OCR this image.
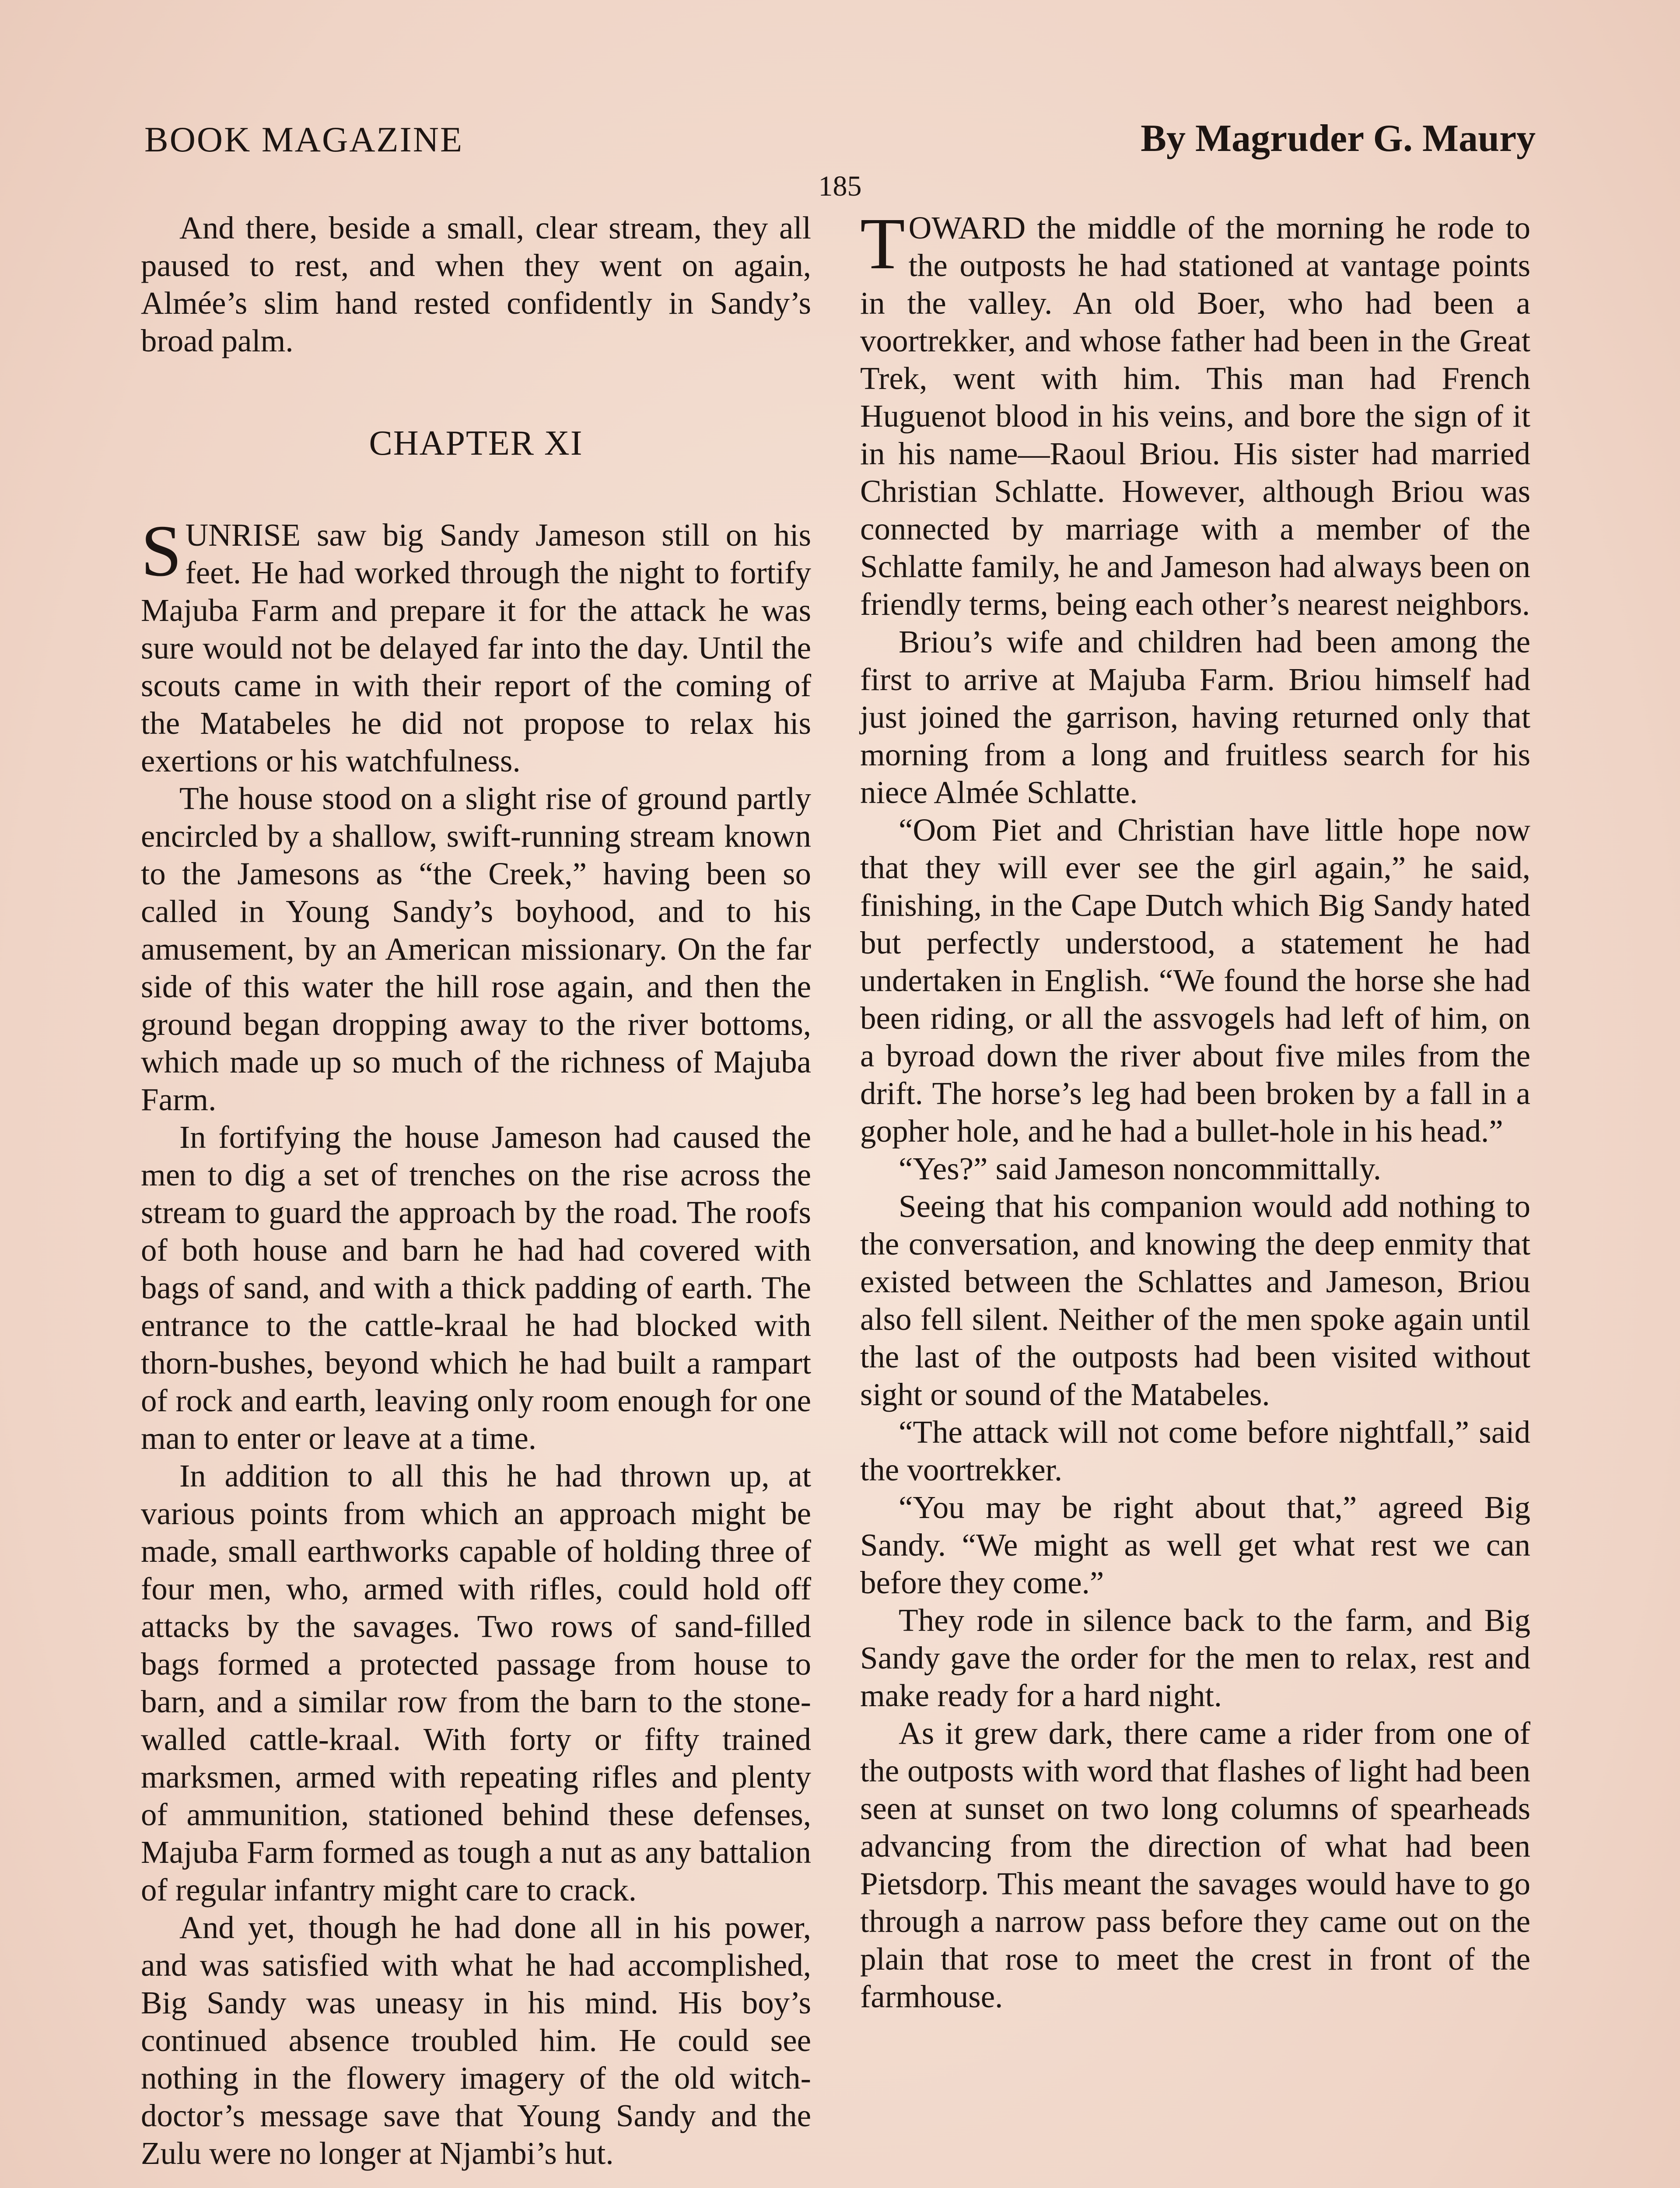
BOOK MAGAZINE	By Magruder G. Maury
185

And there, beside a small, clear stream, they all paused to rest, and when they went on again, Almée’s slim hand rested confidently in Sandy’s broad palm.

CHAPTER XI

SUNRISE saw big Sandy Jameson still on his feet. He had worked through the night to fortify Majuba Farm and prepare it for the attack he was sure would not be delayed far into the day. Until the scouts came in with their report of the coming of the Matabeles he did not propose to relax his exertions or his watchfulness.

The house stood on a slight rise of ground partly encircled by a shallow, swift-running stream known to the Jamesons as “the Creek,” having been so called in Young Sandy’s boyhood, and to his amusement, by an American missionary. On the far side of this water the hill rose again, and then the ground began dropping away to the river bottoms, which made up so much of the richness of Majuba Farm.

In fortifying the house Jameson had caused the men to dig a set of trenches on the rise across the stream to guard the approach by the road. The roofs of both house and barn he had had covered with bags of sand, and with a thick padding of earth. The entrance to the cattle-kraal he had blocked with thorn-bushes, beyond which he had built a rampart of rock and earth, leaving only room enough for one man to enter or leave at a time.

In addition to all this he had thrown up, at various points from which an approach might be made, small earthworks capable of holding three of four men, who, armed with rifles, could hold off attacks by the savages. Two rows of sand-filled bags formed a protected passage from house to barn, and a similar row from the barn to the stone-walled cattle-kraal. With forty or fifty trained marksmen, armed with repeating rifles and plenty of ammunition, stationed behind these defenses, Majuba Farm formed as tough a nut as any battalion of regular infantry might care to crack.

And yet, though he had done all in his power, and was satisfied with what he had accomplished, Big Sandy was uneasy in his mind. His boy’s continued absence troubled him. He could see nothing in the flowery imagery of the old witch-doctor’s message save that Young Sandy and the Zulu were no longer at Njambi’s hut.

TOWARD the middle of the morning he rode to the outposts he had stationed at vantage points in the valley. An old Boer, who had been a voortrekker, and whose father had been in the Great Trek, went with him. This man had French Huguenot blood in his veins, and bore the sign of it in his name—Raoul Briou. His sister had married Christian Schlatte. However, although Briou was connected by marriage with a member of the Schlatte family, he and Jameson had always been on friendly terms, being each other’s nearest neighbors.

Briou’s wife and children had been among the first to arrive at Majuba Farm. Briou himself had just joined the garrison, having returned only that morning from a long and fruitless search for his niece Almée Schlatte.

“Oom Piet and Christian have little hope now that they will ever see the girl again,” he said, finishing, in the Cape Dutch which Big Sandy hated but perfectly understood, a statement he had undertaken in English. “We found the horse she had been riding, or all the assvogels had left of him, on a byroad down the river about five miles from the drift. The horse’s leg had been broken by a fall in a gopher hole, and he had a bullet-hole in his head.”

“Yes?” said Jameson noncommittally.

Seeing that his companion would add nothing to the conversation, and knowing the deep enmity that existed between the Schlattes and Jameson, Briou also fell silent. Neither of the men spoke again until the last of the outposts had been visited without sight or sound of the Matabeles.

“The attack will not come before nightfall,” said the voortrekker.

“You may be right about that,” agreed Big Sandy. “We might as well get what rest we can before they come.”

They rode in silence back to the farm, and Big Sandy gave the order for the men to relax, rest and make ready for a hard night.

As it grew dark, there came a rider from one of the outposts with word that flashes of light had been seen at sunset on two long columns of spearheads advancing from the direction of what had been Pietsdorp. This meant the savages would have to go through a narrow pass before they came out on the plain that rose to meet the crest in front of the farmhouse.
